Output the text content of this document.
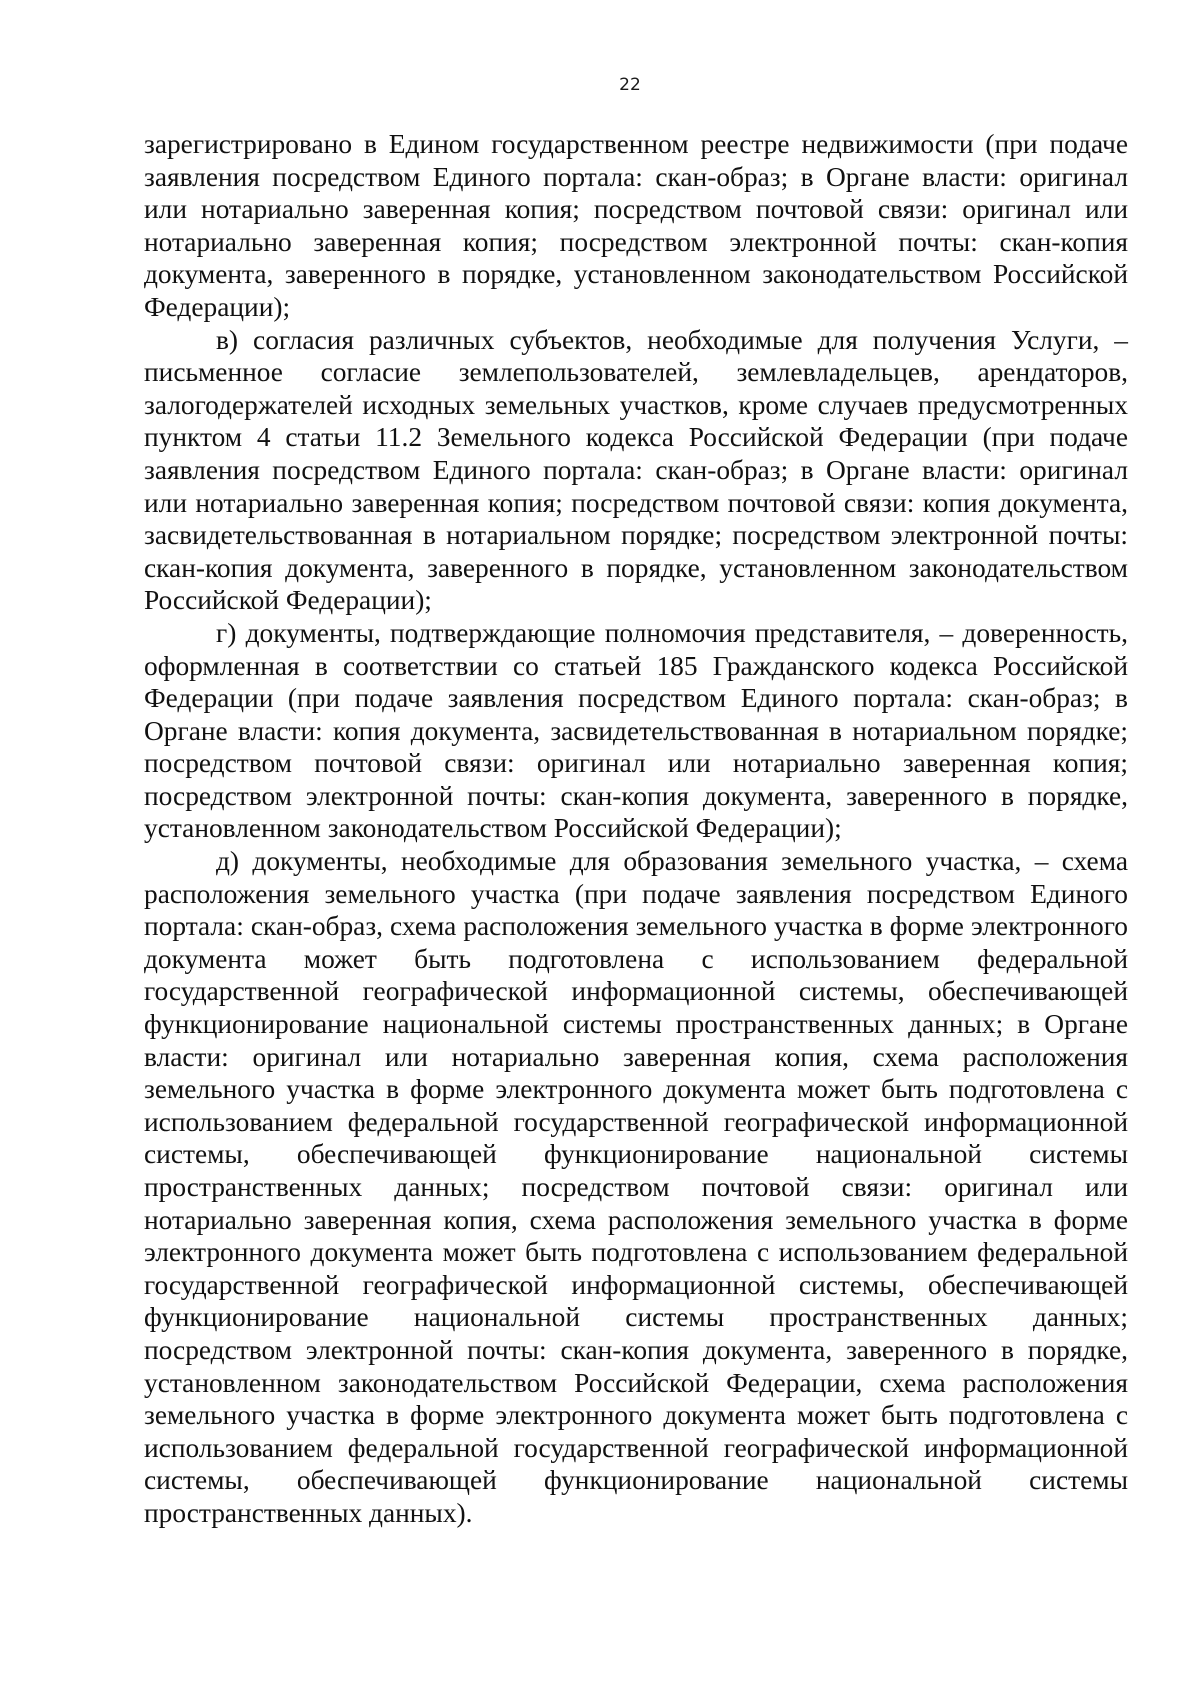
22

зарегистрировано в Едином государственном реестре недвижимости (при подаче заявления посредством Единого портала: скан-образ; в Органе власти: оригинал или нотариально заверенная копия; посредством почтовой связи: оригинал или нотариально заверенная копия; посредством электронной почты: скан-копия документа, заверенного в порядке, установленном законодательством Российской Федерации);

в) согласия различных субъектов, необходимые для получения Услуги, – письменное согласие землепользователей, землевладельцев, арендаторов, залогодержателей исходных земельных участков, кроме случаев предусмотренных пунктом 4 статьи 11.2 Земельного кодекса Российской Федерации (при подаче заявления посредством Единого портала: скан-образ; в Органе власти: оригинал или нотариально заверенная копия; посредством почтовой связи: копия документа, засвидетельствованная в нотариальном порядке; посредством электронной почты: скан-копия документа, заверенного в порядке, установленном законодательством Российской Федерации);

г) документы, подтверждающие полномочия представителя, – доверенность, оформленная в соответствии со статьей 185 Гражданского кодекса Российской Федерации (при подаче заявления посредством Единого портала: скан-образ; в Органе власти: копия документа, засвидетельствованная в нотариальном порядке; посредством почтовой связи: оригинал или нотариально заверенная копия; посредством электронной почты: скан-копия документа, заверенного в порядке, установленном законодательством Российской Федерации);

д) документы, необходимые для образования земельного участка, – схема расположения земельного участка (при подаче заявления посредством Единого портала: скан-образ, схема расположения земельного участка в форме электронного документа может быть подготовлена с использованием федеральной государственной географической информационной системы, обеспечивающей функционирование национальной системы пространственных данных; в Органе власти: оригинал или нотариально заверенная копия, схема расположения земельного участка в форме электронного документа может быть подготовлена с использованием федеральной государственной географической информационной системы, обеспечивающей функционирование национальной системы пространственных данных; посредством почтовой связи: оригинал или нотариально заверенная копия, схема расположения земельного участка в форме электронного документа может быть подготовлена с использованием федеральной государственной географической информационной системы, обеспечивающей функционирование национальной системы пространственных данных; посредством электронной почты: скан-копия документа, заверенного в порядке, установленном законодательством Российской Федерации, схема расположения земельного участка в форме электронного документа может быть подготовлена с использованием федеральной государственной географической информационной системы, обеспечивающей функционирование национальной системы пространственных данных).
